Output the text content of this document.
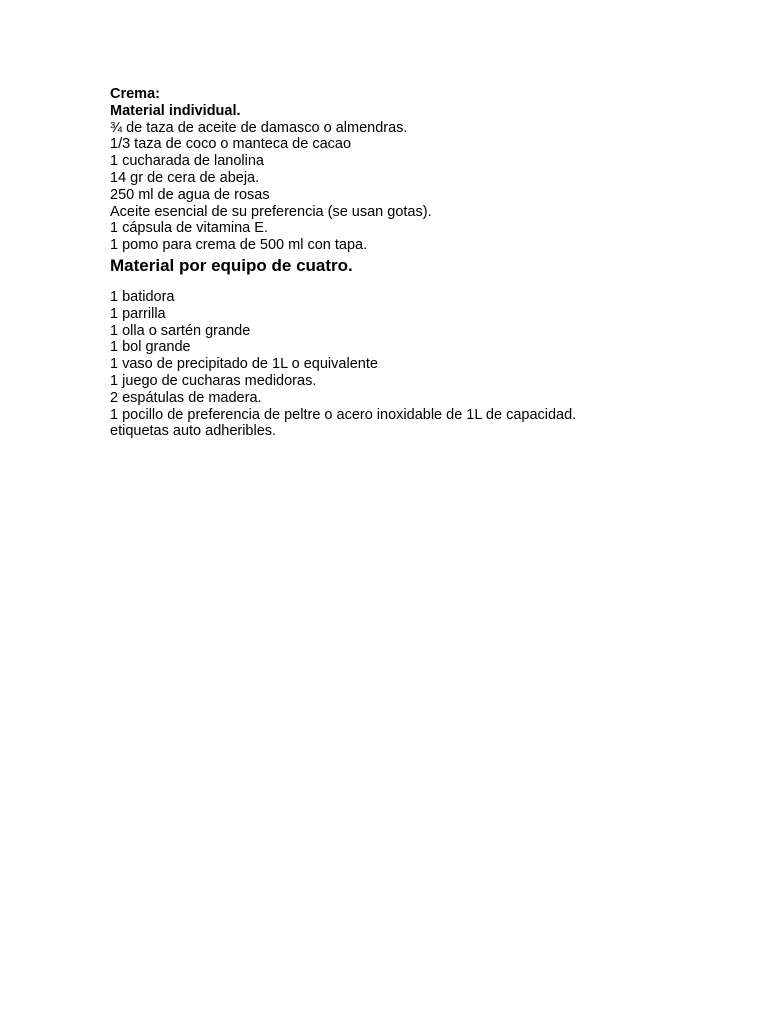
Crema:
Material individual.
¾ de taza de aceite de damasco o almendras.
1/3 taza de coco o manteca de cacao
1 cucharada de lanolina
14 gr de cera de abeja.
250 ml de agua de rosas
Aceite esencial de su preferencia (se usan gotas).
1 cápsula de vitamina E.
1 pomo para crema de 500 ml con tapa.
Material por equipo de cuatro.
1 batidora
1 parrilla
1 olla o sartén grande
1 bol grande
1 vaso de precipitado de 1L o equivalente
1 juego de cucharas medidoras.
2 espátulas de madera.
1 pocillo de preferencia de peltre o acero inoxidable de 1L de capacidad.
etiquetas auto adheribles.
